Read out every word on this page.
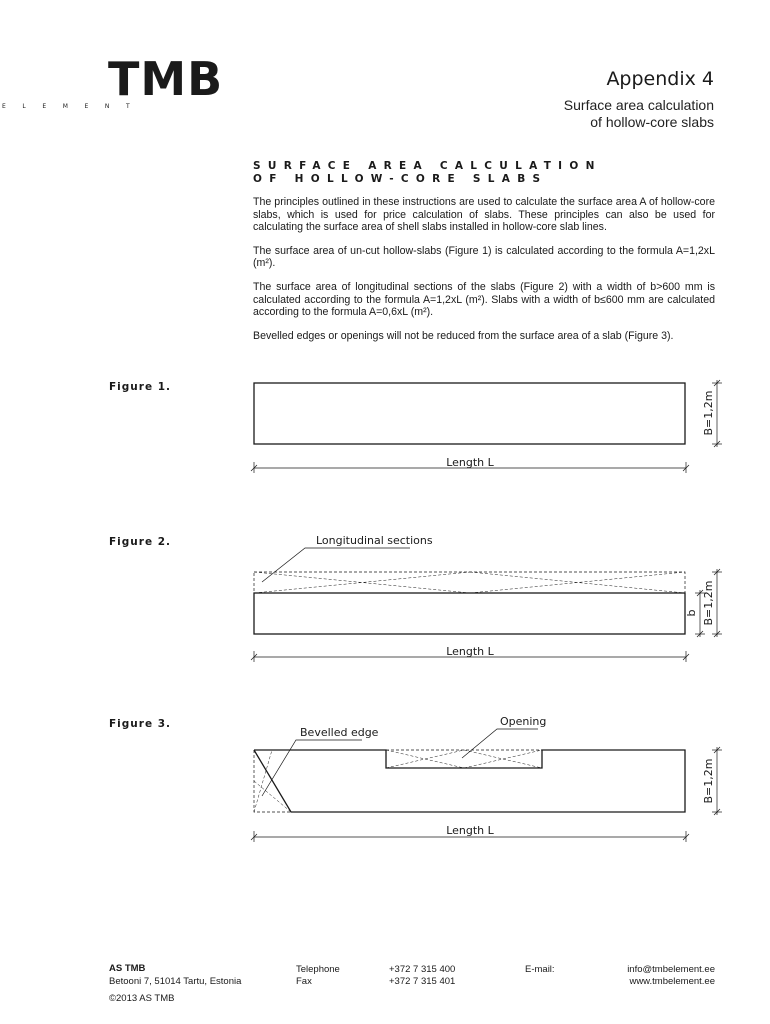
TMB
ELEMENT
Appendix 4
Surface area calculation
of hollow-core slabs
SURFACE AREA CALCULATION
OF HOLLOW-CORE SLABS

The principles outlined in these instructions are used to calculate the surface area A of hollow-core slabs, which is used for price calculation of slabs. These principles can also be used for calculating the surface area of shell slabs installed in hollow-core slab lines.

The surface area of un-cut hollow-slabs (Figure 1) is calculated according to the formula A=1,2xL (m²).

The surface area of longitudinal sections of the slabs (Figure 2) with a width of b>600 mm is calculated according to the formula A=1,2xL (m²). Slabs with a width of b≤600 mm are calculated according to the formula A=0,6xL (m²).

Bevelled edges or openings will not be reduced from the surface area of a slab (Figure 3).

Figure 1.
Figure 2.
Figure 3.
Length L
B=1,2m
Longitudinal sections
Length L
b B=1,2m
Bevelled edge
Opening
Length L
B=1,2m
AS TMB
Betooni 7, 51014 Tartu, Estonia
©2013 AS TMB
Telephone
Fax
+372 7 315 400
+372 7 315 401
E-mail:	info@tmbelement.ee
www.tmbelement.ee
